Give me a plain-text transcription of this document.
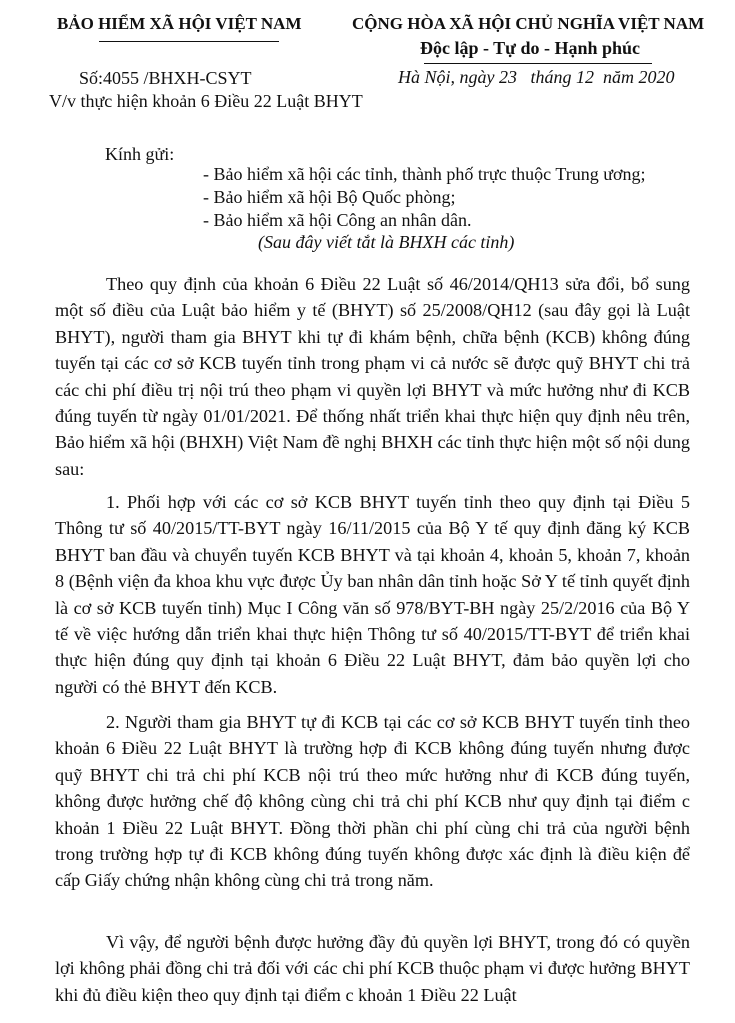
BẢO HIỂM XÃ HỘI VIỆT NAM	CỘNG HÒA XÃ HỘI CHỦ NGHĨA VIỆT NAM
Độc lập - Tự do - Hạnh phúc
Số:4055 /BHXH-CSYT	Hà Nội, ngày 23   tháng 12  năm 2020
V/v thực hiện khoản 6 Điều 22 Luật BHYT
Kính gửi:
- Bảo hiểm xã hội các tỉnh, thành phố trực thuộc Trung ương;
- Bảo hiểm xã hội Bộ Quốc phòng;
- Bảo hiểm xã hội Công an nhân dân.
(Sau đây viết tắt là BHXH các tỉnh)

Theo quy định của khoản 6 Điều 22 Luật số 46/2014/QH13 sửa đổi, bổ sung một số điều của Luật bảo hiểm y tế (BHYT) số 25/2008/QH12 (sau đây gọi là Luật BHYT), người tham gia BHYT khi tự đi khám bệnh, chữa bệnh (KCB) không đúng tuyến tại các cơ sở KCB tuyến tỉnh trong phạm vi cả nước sẽ được quỹ BHYT chi trả các chi phí điều trị nội trú theo phạm vi quyền lợi BHYT và mức hưởng như đi KCB đúng tuyến từ ngày 01/01/2021. Để thống nhất triển khai thực hiện quy định nêu trên, Bảo hiểm xã hội (BHXH) Việt Nam đề nghị BHXH các tỉnh thực hiện một số nội dung sau:

1. Phối hợp với các cơ sở KCB BHYT tuyến tỉnh theo quy định tại Điều 5 Thông tư số 40/2015/TT-BYT ngày 16/11/2015 của Bộ Y tế quy định đăng ký KCB BHYT ban đầu và chuyển tuyến KCB BHYT và tại khoản 4, khoản 5, khoản 7, khoản 8 (Bệnh viện đa khoa khu vực được Ủy ban nhân dân tỉnh hoặc Sở Y tế tỉnh quyết định là cơ sở KCB tuyến tỉnh) Mục I Công văn số 978/BYT-BH ngày 25/2/2016 của Bộ Y tế về việc hướng dẫn triển khai thực hiện Thông tư số 40/2015/TT-BYT để triển khai thực hiện đúng quy định tại khoản 6 Điều 22 Luật BHYT, đảm bảo quyền lợi cho người có thẻ BHYT đến KCB.

2. Người tham gia BHYT tự đi KCB tại các cơ sở KCB BHYT tuyến tỉnh theo khoản 6 Điều 22 Luật BHYT là trường hợp đi KCB không đúng tuyến nhưng được quỹ BHYT chi trả chi phí KCB nội trú theo mức hưởng như đi KCB đúng tuyến, không được hưởng chế độ không cùng chi trả chi phí KCB như quy định tại điểm c khoản 1 Điều 22 Luật BHYT. Đồng thời phần chi phí cùng chi trả của người bệnh trong trường hợp tự đi KCB không đúng tuyến không được xác định là điều kiện để cấp Giấy chứng nhận không cùng chi trả trong năm.

Vì vậy, để người bệnh được hưởng đầy đủ quyền lợi BHYT, trong đó có quyền lợi không phải đồng chi trả đối với các chi phí KCB thuộc phạm vi được hưởng BHYT khi đủ điều kiện theo quy định tại điểm c khoản 1 Điều 22 Luật
